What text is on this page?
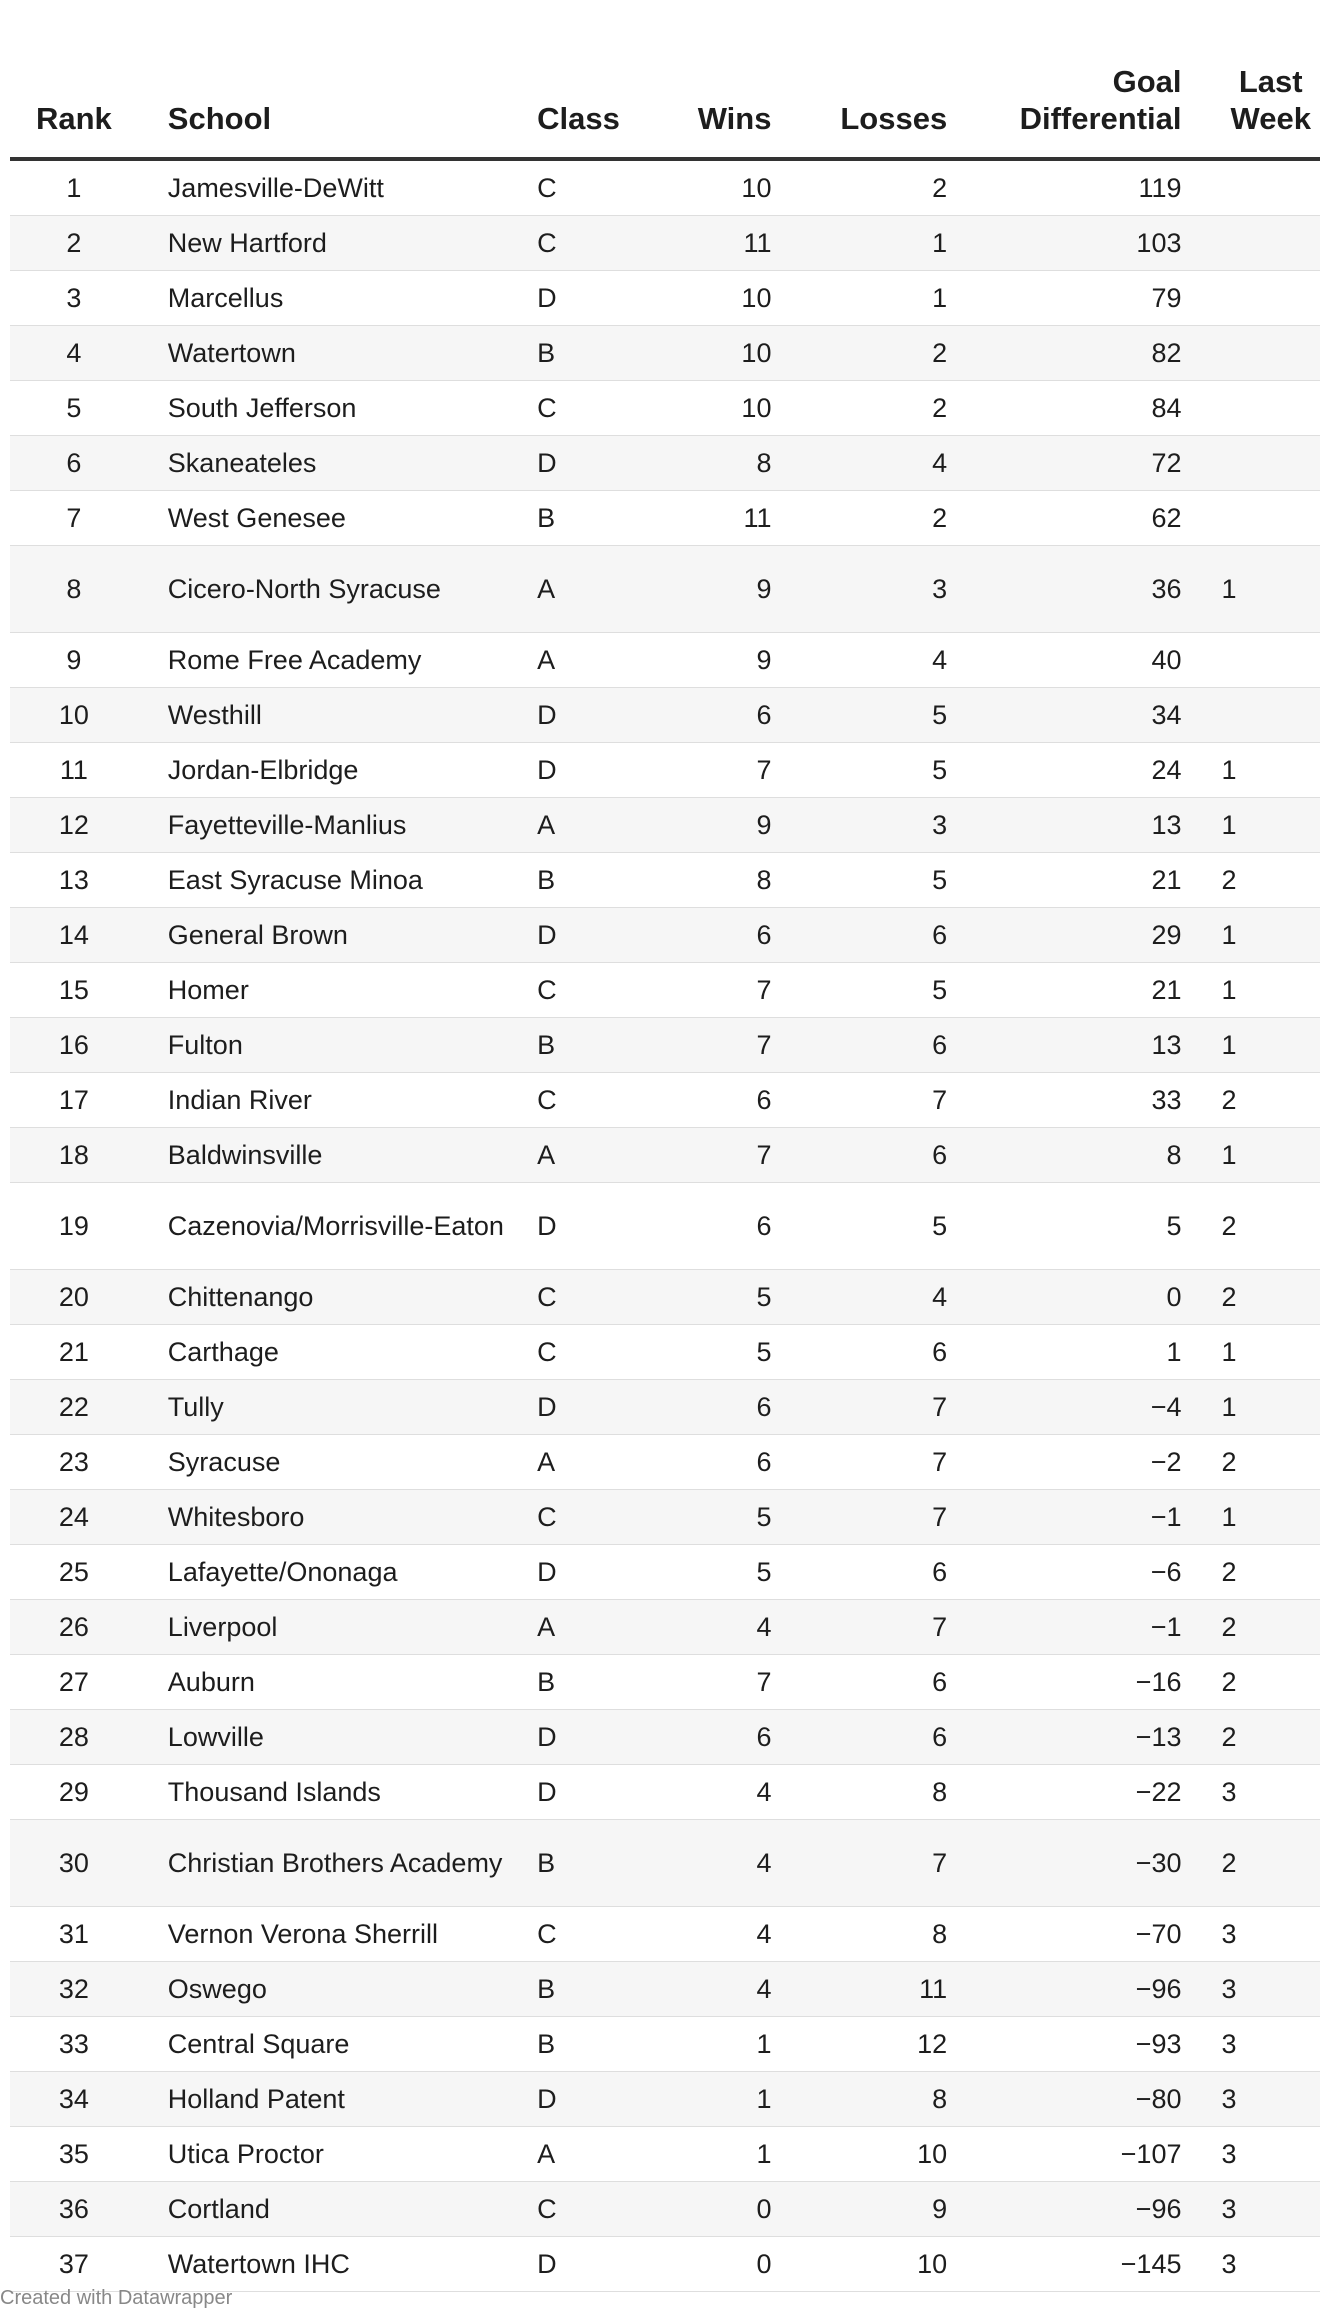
Rank	School	Class	Wins	Losses	Goal Differential	Last Week
1	Jamesville-DeWitt	C	10	2	119	
2	New Hartford	C	11	1	103	
3	Marcellus	D	10	1	79	
4	Watertown	B	10	2	82	
5	South Jefferson	C	10	2	84	
6	Skaneateles	D	8	4	72	
7	West Genesee	B	11	2	62	
8	Cicero-North Syracuse	A	9	3	36	1
9	Rome Free Academy	A	9	4	40	
10	Westhill	D	6	5	34	
11	Jordan-Elbridge	D	7	5	24	1
12	Fayetteville-Manlius	A	9	3	13	1
13	East Syracuse Minoa	B	8	5	21	2
14	General Brown	D	6	6	29	1
15	Homer	C	7	5	21	1
16	Fulton	B	7	6	13	1
17	Indian River	C	6	7	33	2
18	Baldwinsville	A	7	6	8	1
19	Cazenovia/Morrisville-Eaton	D	6	5	5	2
20	Chittenango	C	5	4	0	2
21	Carthage	C	5	6	1	1
22	Tully	D	6	7	−4	1
23	Syracuse	A	6	7	−2	2
24	Whitesboro	C	5	7	−1	1
25	Lafayette/Ononaga	D	5	6	−6	2
26	Liverpool	A	4	7	−1	2
27	Auburn	B	7	6	−16	2
28	Lowville	D	6	6	−13	2
29	Thousand Islands	D	4	8	−22	3
30	Christian Brothers Academy	B	4	7	−30	2
31	Vernon Verona Sherrill	C	4	8	−70	3
32	Oswego	B	4	11	−96	3
33	Central Square	B	1	12	−93	3
34	Holland Patent	D	1	8	−80	3
35	Utica Proctor	A	1	10	−107	3
36	Cortland	C	0	9	−96	3
37	Watertown IHC	D	0	10	−145	3
Created with Datawrapper
